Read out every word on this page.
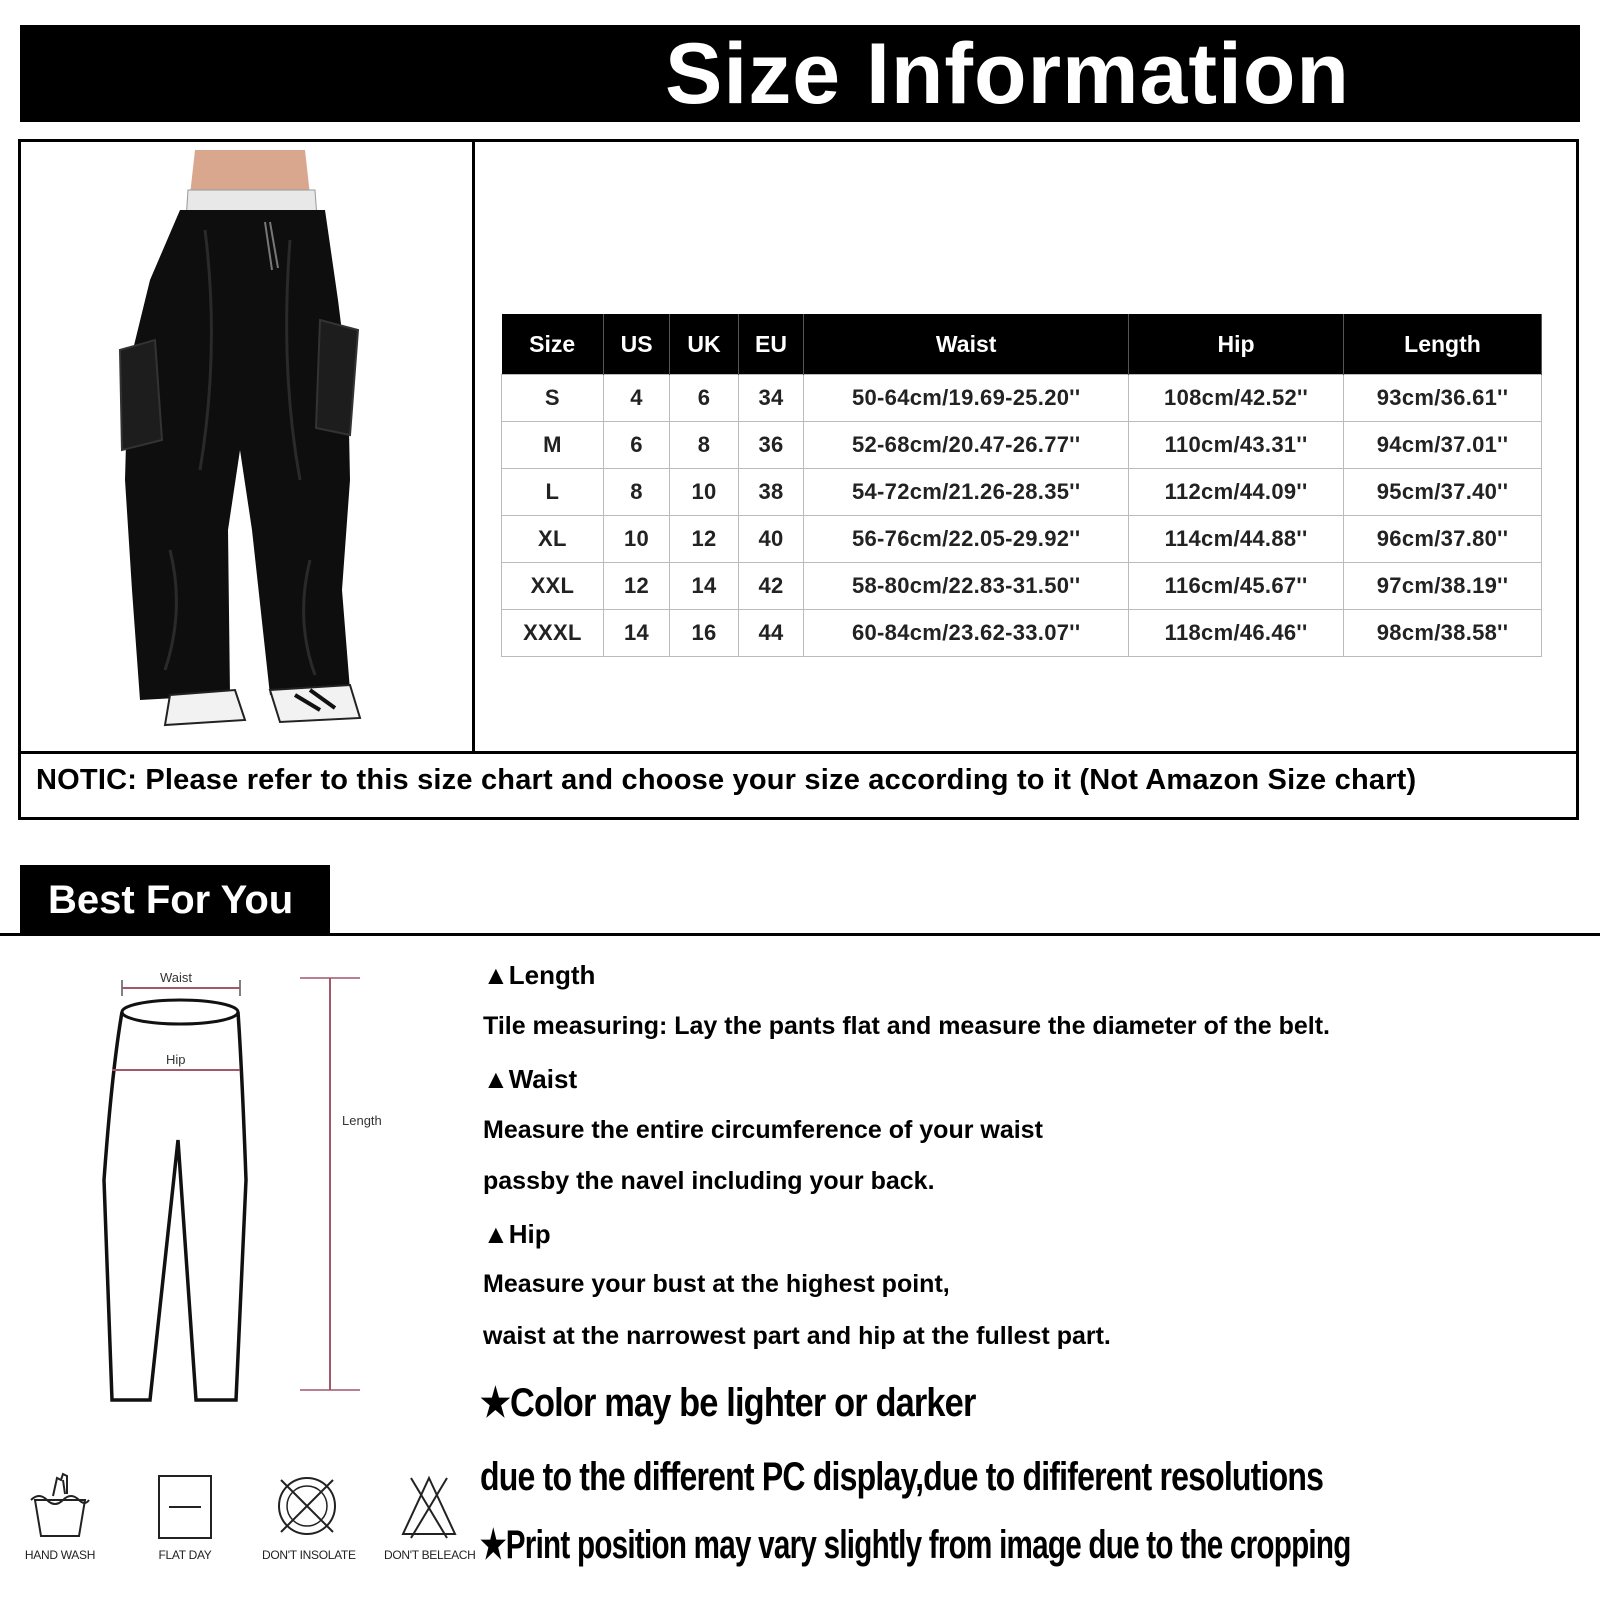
Size Information
Size	US	UK	EU	Waist	Hip	Length
S	4	6	34	50-64cm/19.69-25.20''	108cm/42.52''	93cm/36.61''
M	6	8	36	52-68cm/20.47-26.77''	110cm/43.31''	94cm/37.01''
L	8	10	38	54-72cm/21.26-28.35''	112cm/44.09''	95cm/37.40''
XL	10	12	40	56-76cm/22.05-29.92''	114cm/44.88''	96cm/37.80''
XXL	12	14	42	58-80cm/22.83-31.50''	116cm/45.67''	97cm/38.19''
XXXL	14	16	44	60-84cm/23.62-33.07''	118cm/46.46''	98cm/38.58''
NOTIC: Please refer to this size chart and choose your size according to it (Not Amazon Size chart)
Best For You
Waist
Hip
Length
HAND WASH	FLAT DAY	DON'T INSOLATE DON'T BELEACH
▲Length
Tile measuring: Lay the pants flat and measure the diameter of the belt.
▲Waist
Measure the entire circumference of your waist
passby the navel including your back.
▲Hip
Measure your bust at the highest point,
waist at the narrowest part and hip at the fullest part.
★Color may be lighter or darker
due to the different PC display,due to dififerent resolutions
★Print position may vary slightly from image due to the cropping
